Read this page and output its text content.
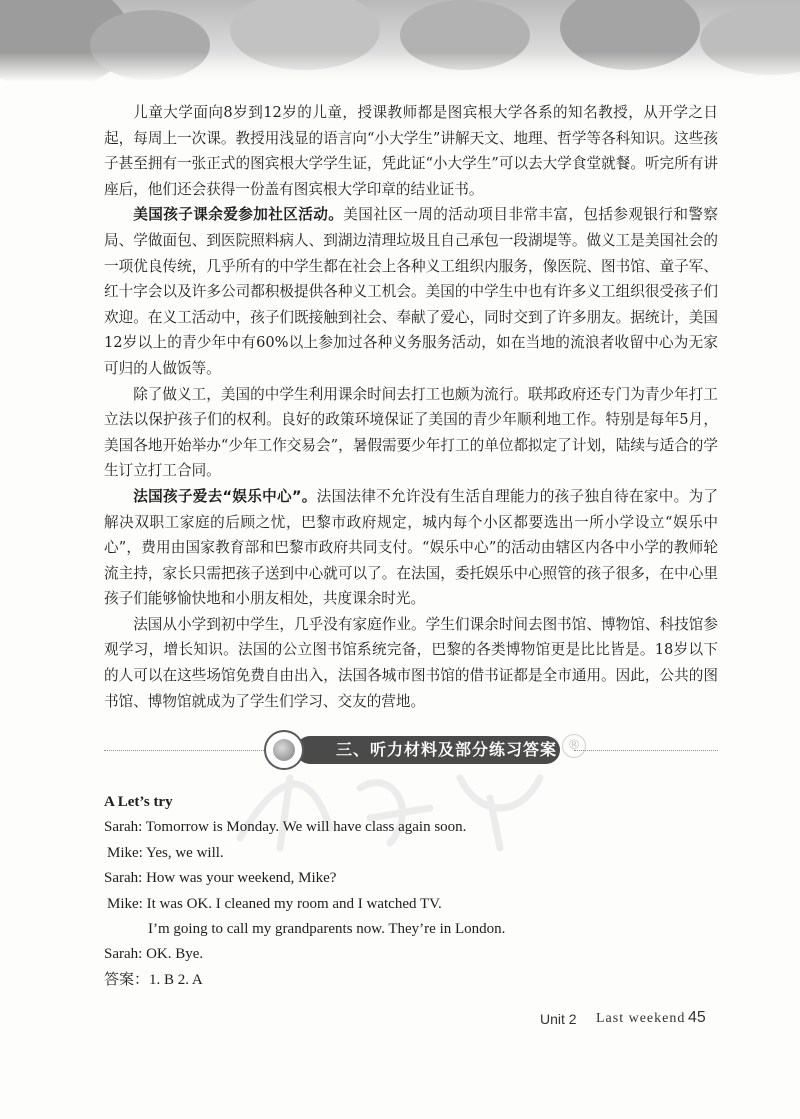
儿童大学面向8岁到12岁的儿童，授课教师都是图宾根大学各系的知名教授，从开学之日起，每周上一次课。教授用浅显的语言向“小大学生”讲解天文、地理、哲学等各科知识。这些孩子甚至拥有一张正式的图宾根大学学生证，凭此证“小大学生”可以去大学食堂就餐。听完所有讲座后，他们还会获得一份盖有图宾根大学印章的结业证书。

美国孩子课余爱参加社区活动。美国社区一周的活动项目非常丰富，包括参观银行和警察局、学做面包、到医院照料病人、到湖边清理垃圾且自己承包一段湖堤等。做义工是美国社会的一项优良传统，几乎所有的中学生都在社会上各种义工组织内服务，像医院、图书馆、童子军、红十字会以及许多公司都积极提供各种义工机会。美国的中学生中也有许多义工组织很受孩子们欢迎。在义工活动中，孩子们既接触到社会、奉献了爱心，同时交到了许多朋友。据统计，美国12岁以上的青少年中有60%以上参加过各种义务服务活动，如在当地的流浪者收留中心为无家可归的人做饭等。

除了做义工，美国的中学生利用课余时间去打工也颇为流行。联邦政府还专门为青少年打工立法以保护孩子们的权利。良好的政策环境保证了美国的青少年顺利地工作。特别是每年5月，美国各地开始举办“少年工作交易会”，暑假需要少年打工的单位都拟定了计划，陆续与适合的学生订立打工合同。

法国孩子爱去“娱乐中心”。法国法律不允许没有生活自理能力的孩子独自待在家中。为了解决双职工家庭的后顾之忧，巴黎市政府规定，城内每个小区都要选出一所小学设立“娱乐中心”，费用由国家教育部和巴黎市政府共同支付。“娱乐中心”的活动由辖区内各中小学的教师轮流主持，家长只需把孩子送到中心就可以了。在法国，委托娱乐中心照管的孩子很多，在中心里孩子们能够愉快地和小朋友相处，共度课余时光。

法国从小学到初中学生，几乎没有家庭作业。学生们课余时间去图书馆、博物馆、科技馆参观学习，增长知识。法国的公立图书馆系统完备，巴黎的各类博物馆更是比比皆是。18岁以下的人可以在这些场馆免费自由出入，法国各城市图书馆的借书证都是全市通用。因此，公共的图书馆、博物馆就成为了学生们学习、交友的营地。

三、听力材料及部分练习答案 ®
A Let’s try
Sarah: Tomorrow is Monday. We will have class again soon.
Mike: Yes, we will.
Sarah: How was your weekend, Mike?
Mike: It was OK. I cleaned my room and I watched TV.
I’m going to call my grandparents now. They’re in London.
Sarah: OK. Bye.
答案：1. B 2. A
Unit 2 Last weekend 45
